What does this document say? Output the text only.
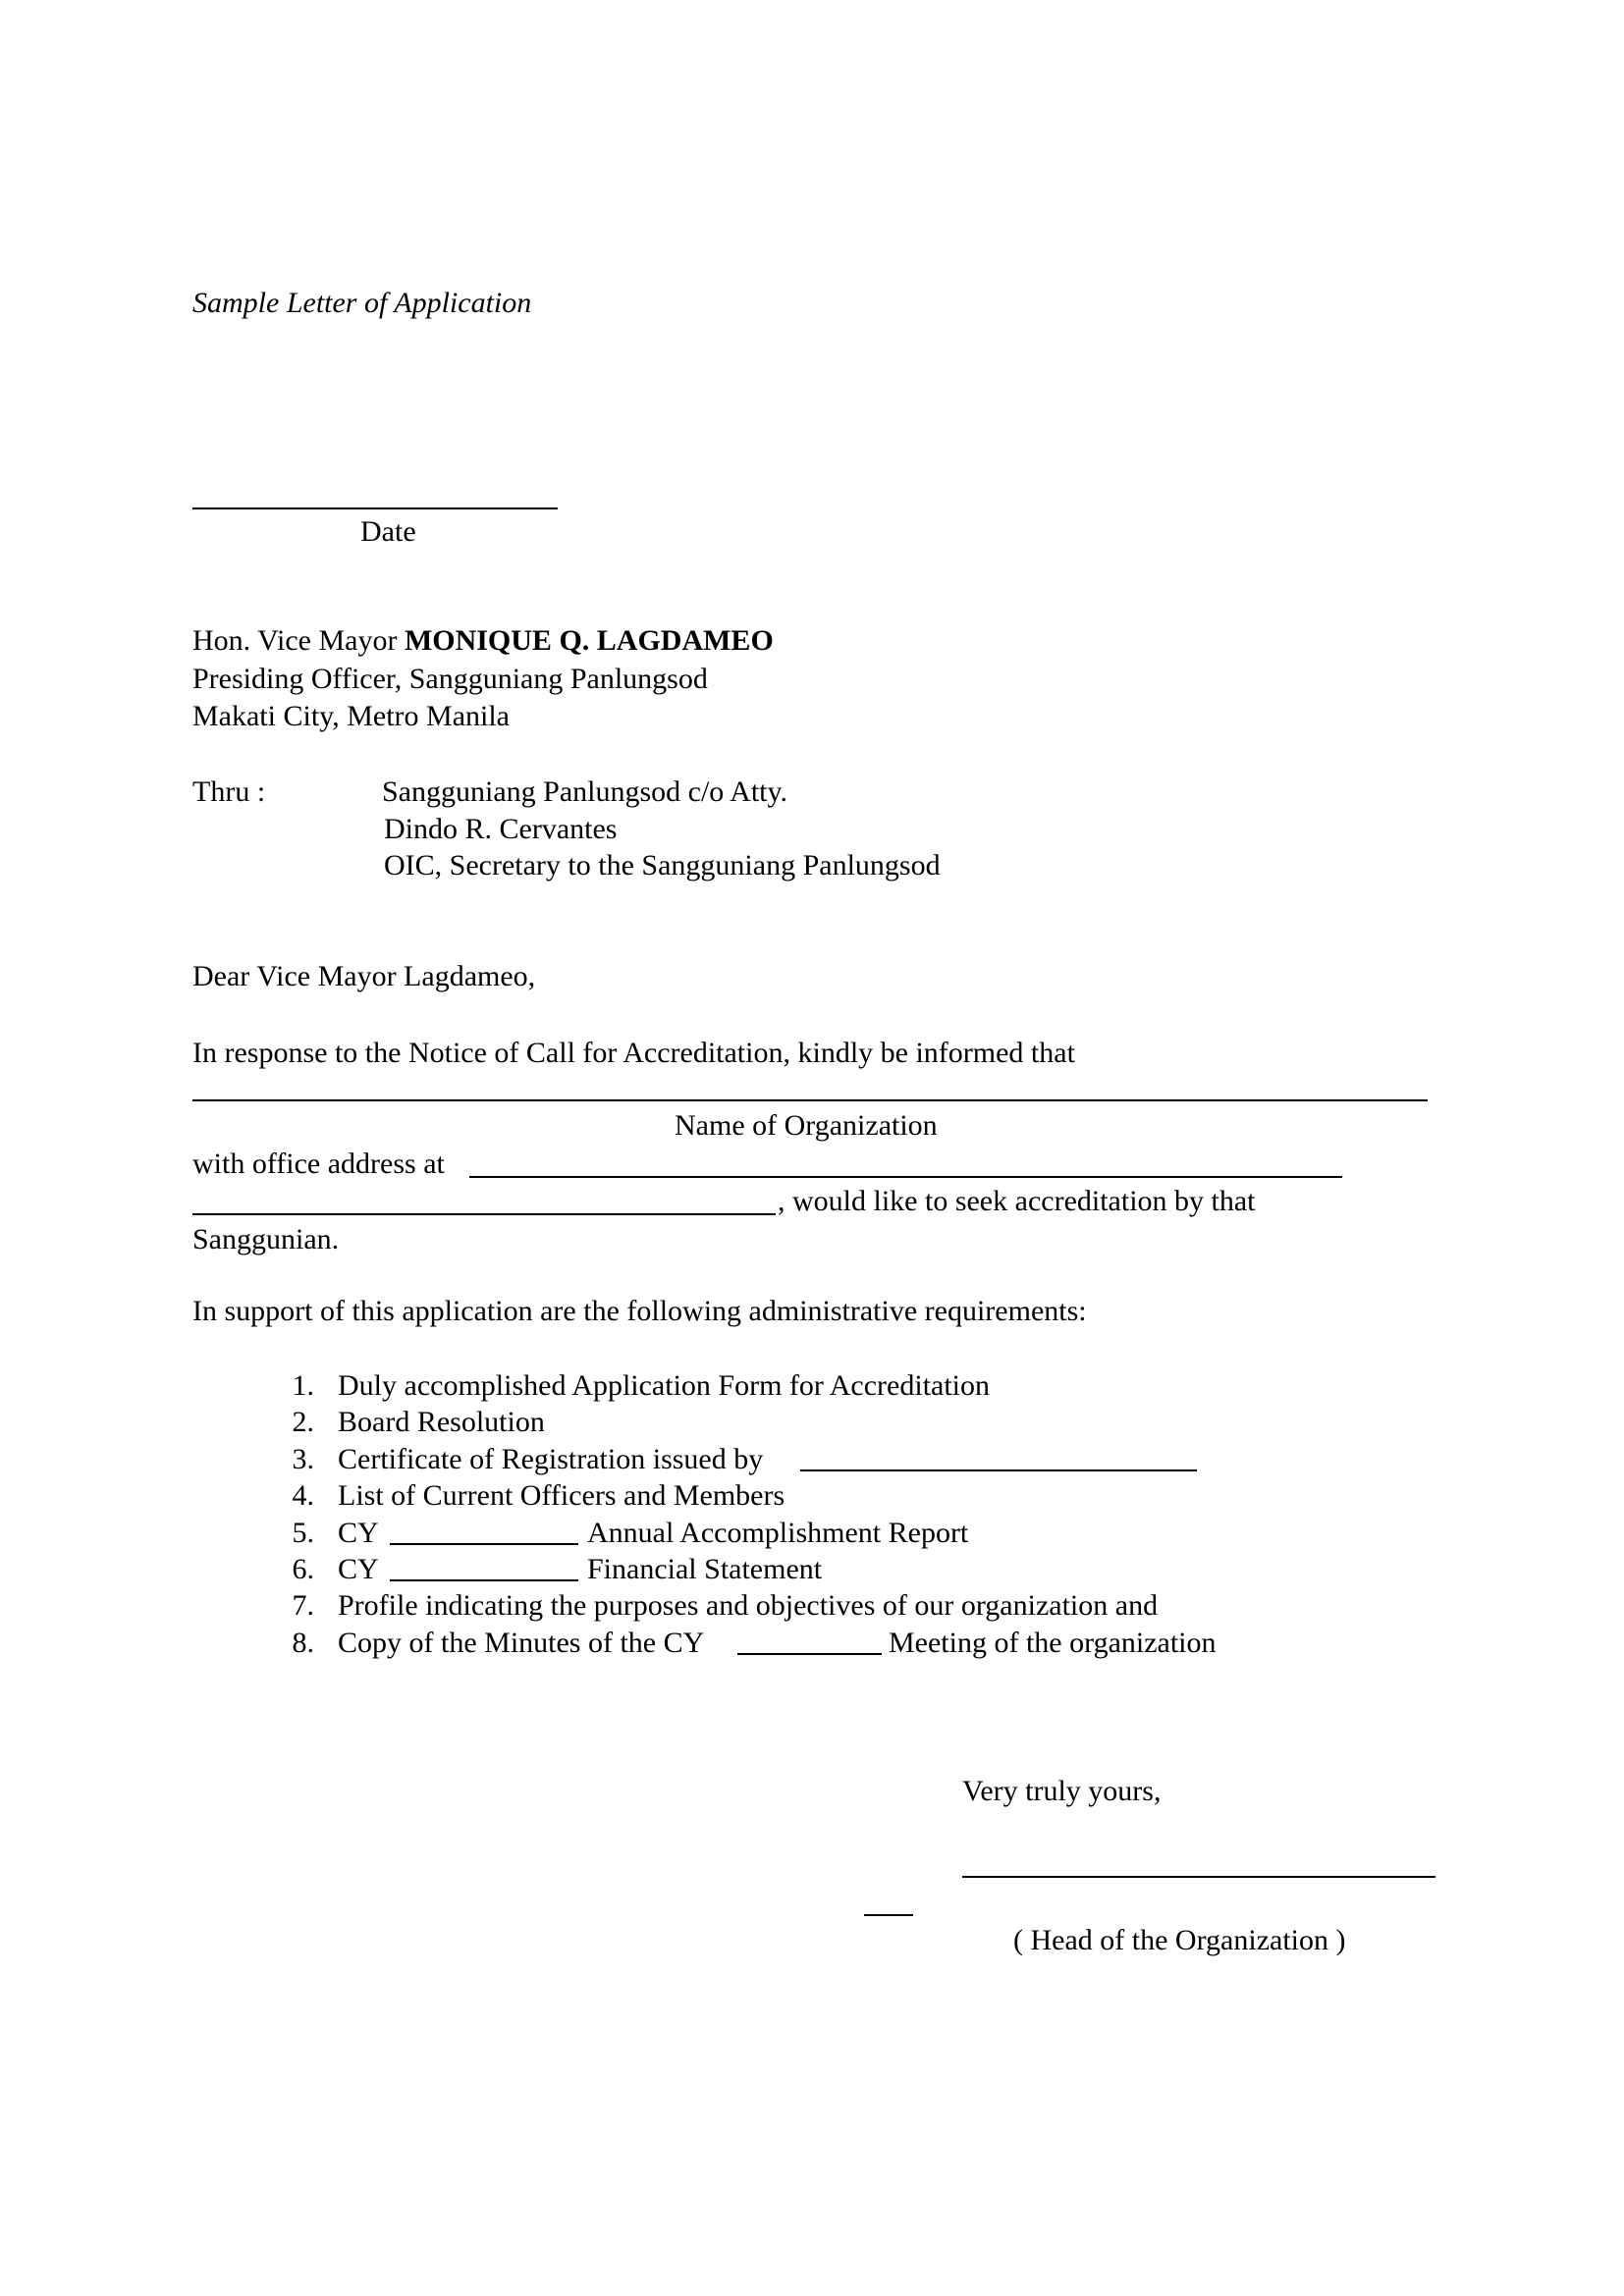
Sample Letter of Application
Date
Hon. Vice Mayor MONIQUE Q. LAGDAMEO
Presiding Officer, Sangguniang Panlungsod
Makati City, Metro Manila
Thru :	Sangguniang Panlungsod c/o Atty.
Dindo R. Cervantes
OIC, Secretary to the Sangguniang Panlungsod
Dear Vice Mayor Lagdameo,
In response to the Notice of Call for Accreditation, kindly be informed that
Name of Organization
with office address at
, would like to seek accreditation by that
Sanggunian.
In support of this application are the following administrative requirements:
1. Duly accomplished Application Form for Accreditation
2. Board Resolution
3. Certificate of Registration issued by
4. List of Current Officers and Members
5. CY	Annual Accomplishment Report
6. CY	Financial Statement
7. Profile indicating the purposes and objectives of our organization and
8. Copy of the Minutes of the CY	Meeting of the organization
Very truly yours,
( Head of the Organization )
